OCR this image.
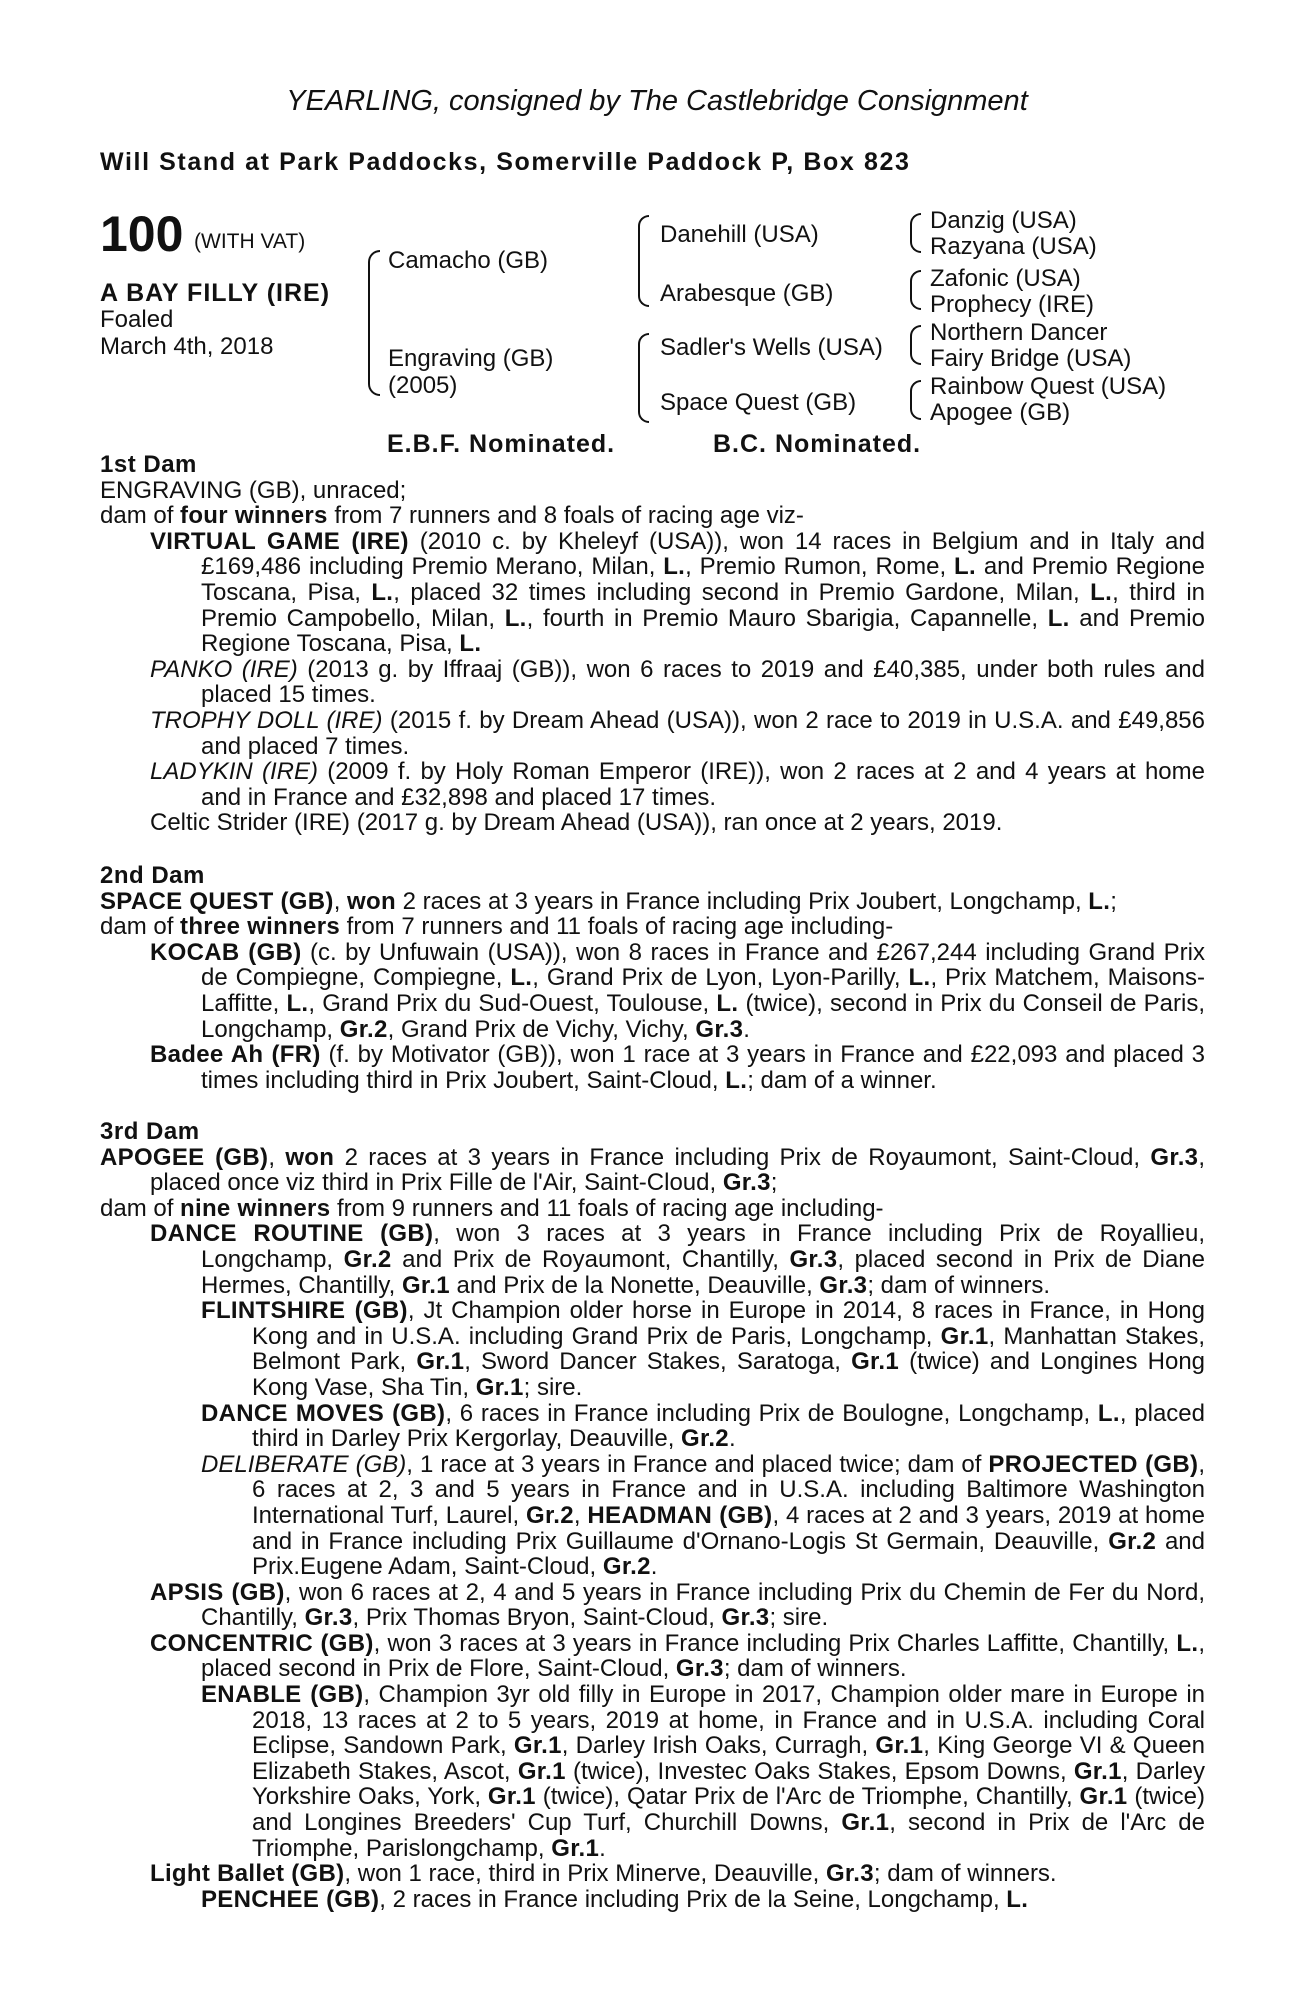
YEARLING, consigned by The Castlebridge Consignment
Will Stand at Park Paddocks, Somerville Paddock P, Box 823
100 (WITH VAT)
A BAY FILLY (IRE)
Foaled
March 4th, 2018
Camacho (GB)
Engraving (GB)
(2005)
Danehill (USA)
Arabesque (GB)
Sadler's Wells (USA)
Space Quest (GB)
Danzig (USA)
Razyana (USA)
Zafonic (USA)
Prophecy (IRE)
Northern Dancer
Fairy Bridge (USA)
Rainbow Quest (USA)
Apogee (GB)
E.B.F. Nominated.	B.C. Nominated.
1st Dam

ENGRAVING (GB), unraced;

dam of four winners from 7 runners and 8 foals of racing age viz-

VIRTUAL GAME (IRE) (2010 c. by Kheleyf (USA)), won 14 races in Belgium and in Italy and £169,486 including Premio Merano, Milan, L., Premio Rumon, Rome, L. and Premio Regione Toscana, Pisa, L., placed 32 times including second in Premio Gardone, Milan, L., third in Premio Campobello, Milan, L., fourth in Premio Mauro Sbarigia, Capannelle, L. and Premio Regione Toscana, Pisa, L.

PANKO (IRE) (2013 g. by Iffraaj (GB)), won 6 races to 2019 and £40,385, under both rules and placed 15 times.

TROPHY DOLL (IRE) (2015 f. by Dream Ahead (USA)), won 2 race to 2019 in U.S.A. and £49,856 and placed 7 times.

LADYKIN (IRE) (2009 f. by Holy Roman Emperor (IRE)), won 2 races at 2 and 4 years at home and in France and £32,898 and placed 17 times.

Celtic Strider (IRE) (2017 g. by Dream Ahead (USA)), ran once at 2 years, 2019.

2nd Dam

SPACE QUEST (GB), won 2 races at 3 years in France including Prix Joubert, Longchamp, L.;

dam of three winners from 7 runners and 11 foals of racing age including-

KOCAB (GB) (c. by Unfuwain (USA)), won 8 races in France and £267,244 including Grand Prix de Compiegne, Compiegne, L., Grand Prix de Lyon, Lyon-Parilly, L., Prix Matchem, Maisons-Laffitte, L., Grand Prix du Sud-Ouest, Toulouse, L. (twice), second in Prix du Conseil de Paris, Longchamp, Gr.2, Grand Prix de Vichy, Vichy, Gr.3.

Badee Ah (FR) (f. by Motivator (GB)), won 1 race at 3 years in France and £22,093 and placed 3 times including third in Prix Joubert, Saint-Cloud, L.; dam of a winner.

3rd Dam

APOGEE (GB), won 2 races at 3 years in France including Prix de Royaumont, Saint-Cloud, Gr.3, placed once viz third in Prix Fille de l'Air, Saint-Cloud, Gr.3;

dam of nine winners from 9 runners and 11 foals of racing age including-

DANCE ROUTINE (GB), won 3 races at 3 years in France including Prix de Royallieu, Longchamp, Gr.2 and Prix de Royaumont, Chantilly, Gr.3, placed second in Prix de Diane Hermes, Chantilly, Gr.1 and Prix de la Nonette, Deauville, Gr.3; dam of winners.

FLINTSHIRE (GB), Jt Champion older horse in Europe in 2014, 8 races in France, in Hong Kong and in U.S.A. including Grand Prix de Paris, Longchamp, Gr.1, Manhattan Stakes, Belmont Park, Gr.1, Sword Dancer Stakes, Saratoga, Gr.1 (twice) and Longines Hong Kong Vase, Sha Tin, Gr.1; sire.

DANCE MOVES (GB), 6 races in France including Prix de Boulogne, Longchamp, L., placed third in Darley Prix Kergorlay, Deauville, Gr.2.

DELIBERATE (GB), 1 race at 3 years in France and placed twice; dam of PROJECTED (GB), 6 races at 2, 3 and 5 years in France and in U.S.A. including Baltimore Washington International Turf, Laurel, Gr.2, HEADMAN (GB), 4 races at 2 and 3 years, 2019 at home and in France including Prix Guillaume d'Ornano-Logis St Germain, Deauville, Gr.2 and Prix.Eugene Adam, Saint-Cloud, Gr.2.

APSIS (GB), won 6 races at 2, 4 and 5 years in France including Prix du Chemin de Fer du Nord, Chantilly, Gr.3, Prix Thomas Bryon, Saint-Cloud, Gr.3; sire.

CONCENTRIC (GB), won 3 races at 3 years in France including Prix Charles Laffitte, Chantilly, L., placed second in Prix de Flore, Saint-Cloud, Gr.3; dam of winners.

ENABLE (GB), Champion 3yr old filly in Europe in 2017, Champion older mare in Europe in 2018, 13 races at 2 to 5 years, 2019 at home, in France and in U.S.A. including Coral Eclipse, Sandown Park, Gr.1, Darley Irish Oaks, Curragh, Gr.1, King George VI & Queen Elizabeth Stakes, Ascot, Gr.1 (twice), Investec Oaks Stakes, Epsom Downs, Gr.1, Darley Yorkshire Oaks, York, Gr.1 (twice), Qatar Prix de l'Arc de Triomphe, Chantilly, Gr.1 (twice) and Longines Breeders' Cup Turf, Churchill Downs, Gr.1, second in Prix de l'Arc de Triomphe, Parislongchamp, Gr.1.

Light Ballet (GB), won 1 race, third in Prix Minerve, Deauville, Gr.3; dam of winners.

PENCHEE (GB), 2 races in France including Prix de la Seine, Longchamp, L.
